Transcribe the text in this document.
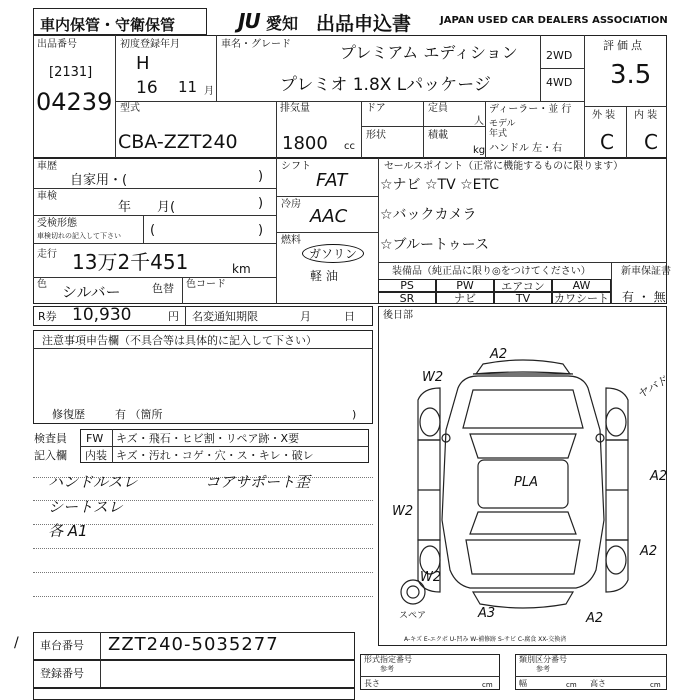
車内保管・守衛保管	JU 愛知 出品申込書	JAPAN USED CAR DEALERS ASSOCIATION
出品番号
[2131]
04239
初度登録年月
H
16 11 月
車名・グレード	プレミアム エディション
プレミオ 1.8X Lパッケージ
2WD
4WD
評価点
3.5
外 装 内 装
C C
型式
CBA-ZZT240
排気量
1800 cc
ドア	定員
人
形状	積載
kg
ディーラー・並 行
モデル
年式
ハンドル 左・右
車歴
自家用・(	)
車検
年　　月(	)
受検形態
車検切れの記入して下さい (	)
走行 13万2千451	km
色 シルバー	色替 色コード
シフト
FAT
冷房
AAC
燃料
ガソリン
軽 油
セールスポイント（正常に機能するものに限ります）
☆ナビ ☆TV ☆ETC
☆バックカメラ
☆ブルートゥース
装備品（純正品に限り◎をつけてください）
PS	PW	エアコン	AW
SR	ナビ	TV	カワシート
新車保証書
有 ・ 無
R券 10,930	円 名変通知期限	月　　　日
注意事項申告欄（不具合等は具体的に記入して下さい）
修復歴	有 （箇所	)
検査員
記入欄
FW キズ・飛石・ヒビ割・リペア跡・X要
内装 キズ・汚れ・コゲ・穴・ス・キレ・破レ
ハンドルスレ	コアサポート歪
シートスレ
各 A1
後日部
A2
W2	ヤバド
PLA	A2
W2
A2
W2
A3	A2
スペア
A-キズ E-エクボ U-凹み W-補修跡 S-サビ C-腐食 XX-交換済
/ 車台番号 ZZT240-5035277
登録番号
形式指定番号
参考
長さ	cm
類別区分番号
参考
幅	cm 高さ	cm
